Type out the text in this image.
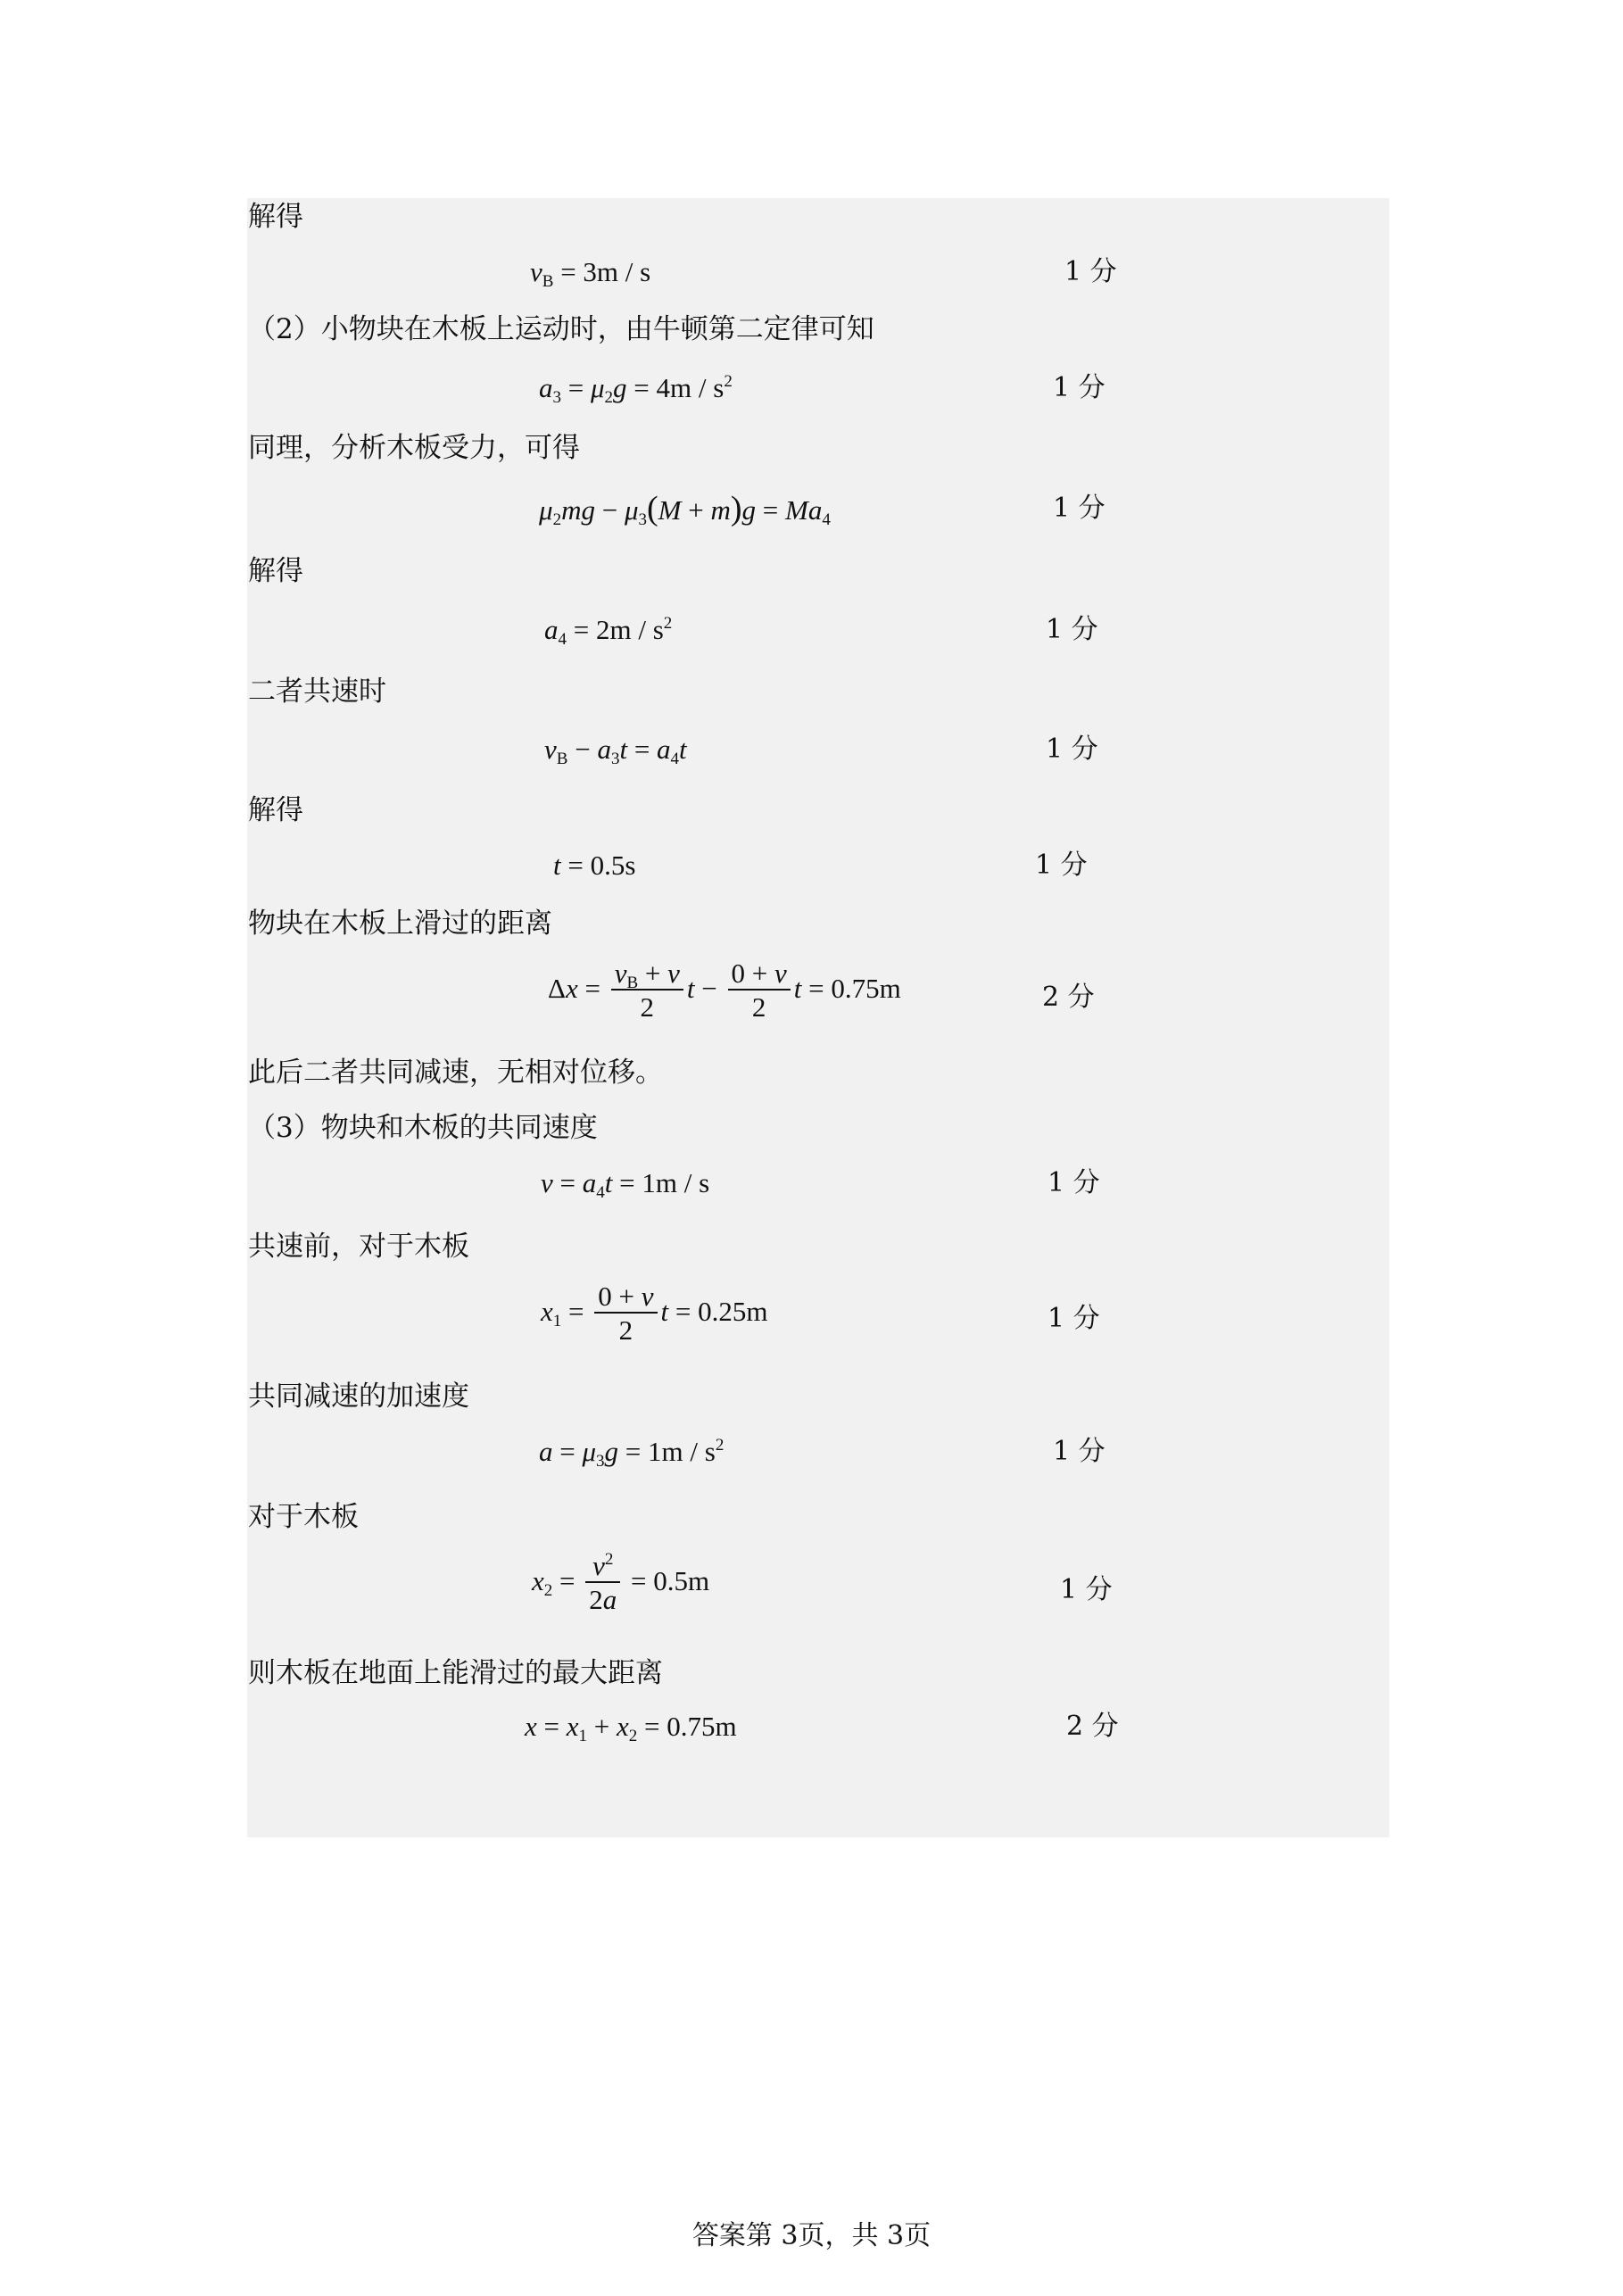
解得
（2）小物块在木板上运动时，由牛顿第二定律可知
同理，分析木板受力，可得
解得
二者共速时
解得
物块在木板上滑过的距离
此后二者共同减速，无相对位移。
（3）物块和木板的共同速度
共速前，对于木板
共同减速的加速度
对于木板
则木板在地面上能滑过的最大距离
$v_B = 3m / s$
$a_3 = \mu_2g = 4m / s^2$
$\mu_2mg - \mu_3(M + m)g = Ma_4$
$a_4 = 2m / s^2$
$v_B - a_3t = a_4t$
t = 0.5s
$\Delta x = \frac{v_B + v}{2}$ $t - \frac{0 + v}{2}$ t = 0.75m
$v = a_4t = 1m / s$
$x_1 = \frac{0 + v}{2}$ t = 0.25m
$a = \mu_3g = 1m / s^2$
$x_2 = \frac{v^2}{2a} = 0.5m$
$x = x_1 + x_2 = 0.75m$
1 分
1 分
1 分
1 分
1 分
1 分
2 分
1 分
1 分
1 分
1 分
2 分
答案第 3页，共 3页
